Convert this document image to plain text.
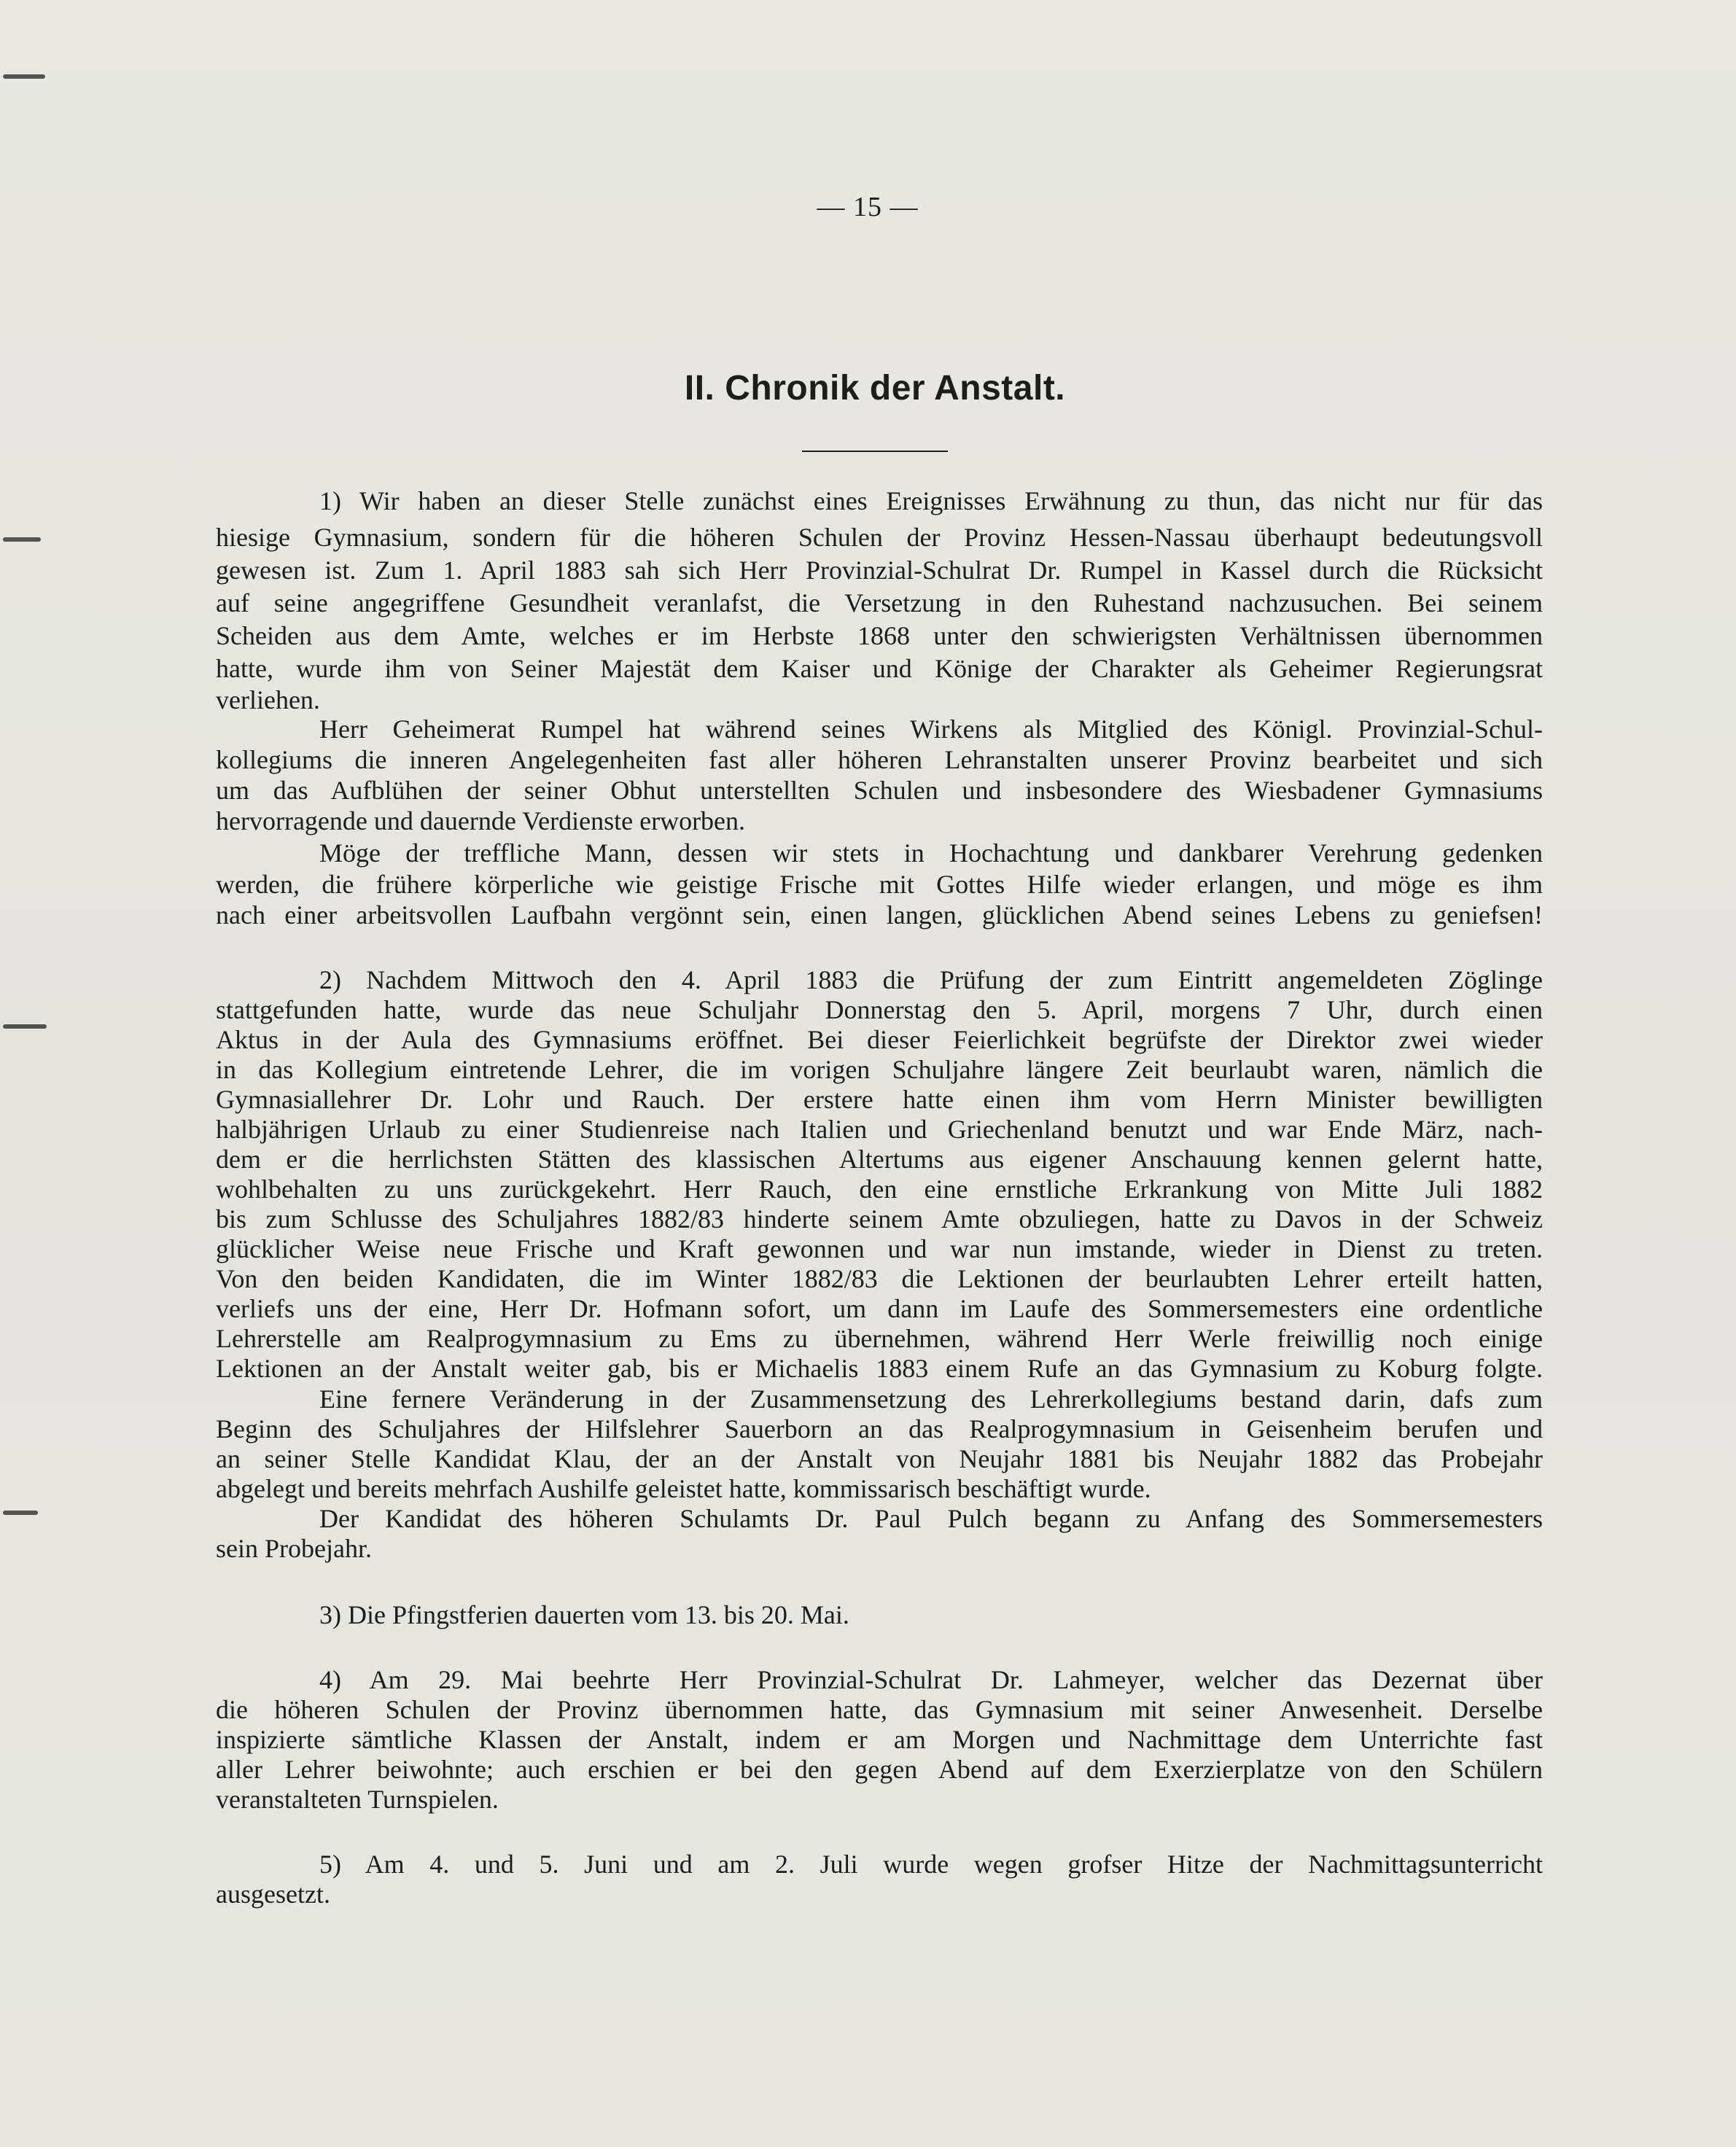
— 15 —
II. Chronik der Anstalt.
1) Wir haben an dieser Stelle zunächst eines Ereignisses Erwähnung zu thun, das nicht nur für das
hiesige Gymnasium, sondern für die höheren Schulen der Provinz Hessen-Nassau überhaupt bedeutungsvoll
gewesen ist. Zum 1. April 1883 sah sich Herr Provinzial-Schulrat Dr. Rumpel in Kassel durch die Rücksicht
auf seine angegriffene Gesundheit veranlafst, die Versetzung in den Ruhestand nachzusuchen. Bei seinem
Scheiden aus dem Amte, welches er im Herbste 1868 unter den schwierigsten Verhältnissen übernommen
hatte, wurde ihm von Seiner Majestät dem Kaiser und Könige der Charakter als Geheimer Regierungsrat
verliehen.
Herr Geheimerat Rumpel hat während seines Wirkens als Mitglied des Königl. Provinzial-Schul-
kollegiums die inneren Angelegenheiten fast aller höheren Lehranstalten unserer Provinz bearbeitet und sich
um das Aufblühen der seiner Obhut unterstellten Schulen und insbesondere des Wiesbadener Gymnasiums
hervorragende und dauernde Verdienste erworben.
Möge der treffliche Mann, dessen wir stets in Hochachtung und dankbarer Verehrung gedenken
werden, die frühere körperliche wie geistige Frische mit Gottes Hilfe wieder erlangen, und möge es ihm
nach einer arbeitsvollen Laufbahn vergönnt sein, einen langen, glücklichen Abend seines Lebens zu geniefsen!
2) Nachdem Mittwoch den 4. April 1883 die Prüfung der zum Eintritt angemeldeten Zöglinge
stattgefunden hatte, wurde das neue Schuljahr Donnerstag den 5. April, morgens 7 Uhr, durch einen
Aktus in der Aula des Gymnasiums eröffnet. Bei dieser Feierlichkeit begrüfste der Direktor zwei wieder
in das Kollegium eintretende Lehrer, die im vorigen Schuljahre längere Zeit beurlaubt waren, nämlich die
Gymnasiallehrer Dr. Lohr und Rauch. Der erstere hatte einen ihm vom Herrn Minister bewilligten
halbjährigen Urlaub zu einer Studienreise nach Italien und Griechenland benutzt und war Ende März, nach-
dem er die herrlichsten Stätten des klassischen Altertums aus eigener Anschauung kennen gelernt hatte,
wohlbehalten zu uns zurückgekehrt. Herr Rauch, den eine ernstliche Erkrankung von Mitte Juli 1882
bis zum Schlusse des Schuljahres 1882/83 hinderte seinem Amte obzuliegen, hatte zu Davos in der Schweiz
glücklicher Weise neue Frische und Kraft gewonnen und war nun imstande, wieder in Dienst zu treten.
Von den beiden Kandidaten, die im Winter 1882/83 die Lektionen der beurlaubten Lehrer erteilt hatten,
verliefs uns der eine, Herr Dr. Hofmann sofort, um dann im Laufe des Sommersemesters eine ordentliche
Lehrerstelle am Realprogymnasium zu Ems zu übernehmen, während Herr Werle freiwillig noch einige
Lektionen an der Anstalt weiter gab, bis er Michaelis 1883 einem Rufe an das Gymnasium zu Koburg folgte.
Eine fernere Veränderung in der Zusammensetzung des Lehrerkollegiums bestand darin, dafs zum
Beginn des Schuljahres der Hilfslehrer Sauerborn an das Realprogymnasium in Geisenheim berufen und
an seiner Stelle Kandidat Klau, der an der Anstalt von Neujahr 1881 bis Neujahr 1882 das Probejahr
abgelegt und bereits mehrfach Aushilfe geleistet hatte, kommissarisch beschäftigt wurde.
Der Kandidat des höheren Schulamts Dr. Paul Pulch begann zu Anfang des Sommersemesters
sein Probejahr.
3) Die Pfingstferien dauerten vom 13. bis 20. Mai.
4) Am 29. Mai beehrte Herr Provinzial-Schulrat Dr. Lahmeyer, welcher das Dezernat über
die höheren Schulen der Provinz übernommen hatte, das Gymnasium mit seiner Anwesenheit. Derselbe
inspizierte sämtliche Klassen der Anstalt, indem er am Morgen und Nachmittage dem Unterrichte fast
aller Lehrer beiwohnte; auch erschien er bei den gegen Abend auf dem Exerzierplatze von den Schülern
veranstalteten Turnspielen.
5) Am 4. und 5. Juni und am 2. Juli wurde wegen grofser Hitze der Nachmittagsunterricht
ausgesetzt.
